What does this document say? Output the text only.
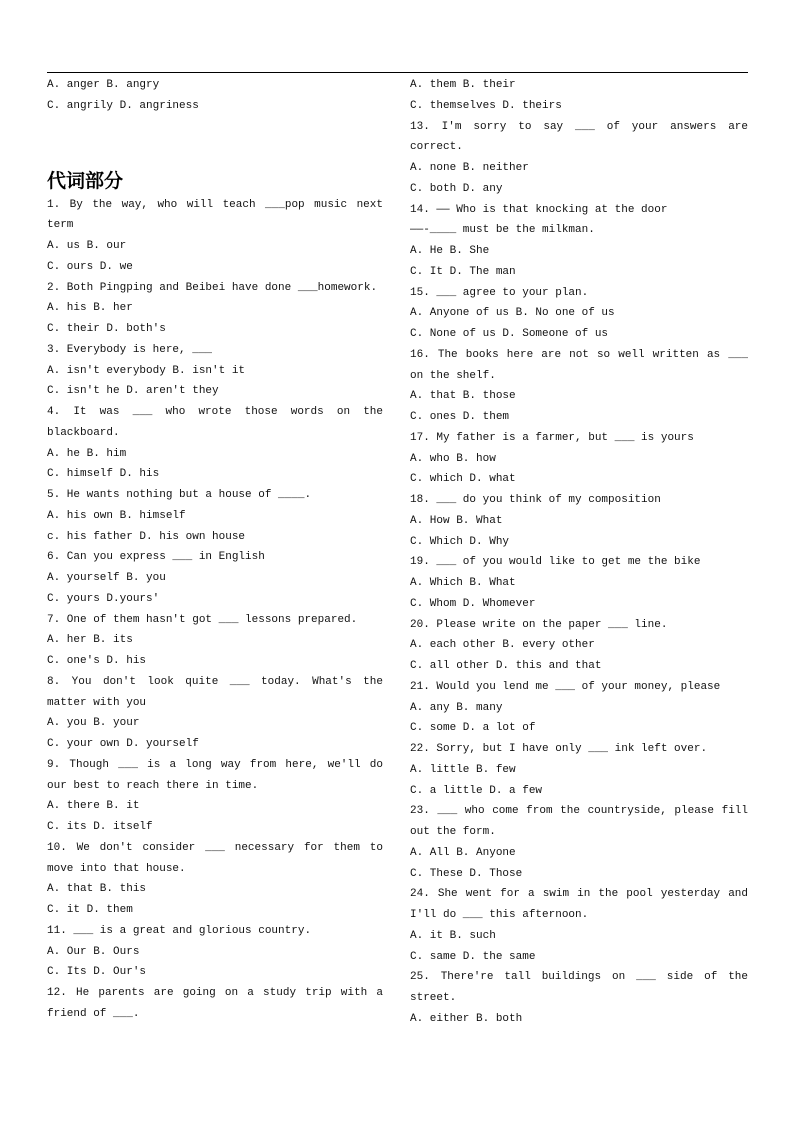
A. anger B. angry
C. angrily D. angriness
代词部分
1. By the way, who will teach ___pop music next
term
A. us B. our
C. ours D. we
2. Both Pingping and Beibei have done ___homework.
A. his B. her
C. their D. both's
3. Everybody is here, ___
A. isn't everybody B. isn't it
C. isn't he D. aren't they
4. It was ___ who wrote those words on the
blackboard.
A. he B. him
C. himself D. his
5. He wants nothing but a house of ____.
A. his own B. himself
c. his father D. his own house
6. Can you express ___ in English
A. yourself B. you
C. yours D.yours'
7. One of them hasn't got ___ lessons prepared.
A. her B. its
C. one's D. his
8. You don't look quite ___ today. What's the
matter with you
A. you B. your
C. your own D. yourself
9. Though ___ is a long way from here, we'll do
our best to reach there in time.
A. there B. it
C. its D. itself
10. We don't consider ___ necessary for them to
move into that house.
A. that B. this
C. it D. them
11. ___ is a great and glorious country.
A. Our B. Ours
C. Its D. Our's
12. He parents are going on a study trip with a
friend of ___.
A. them B. their
C. themselves D. theirs
13. I'm sorry to say ___ of your answers are
correct.
A. none B. neither
C. both D. any
14. —— Who is that knocking at the door
——-____ must be the milkman.
A. He B. She
C. It D. The man
15. ___ agree to your plan.
A. Anyone of us B. No one of us
C. None of us D. Someone of us
16. The books here are not so well written as ___
on the shelf.
A. that B. those
C. ones D. them
17. My father is a farmer, but ___ is yours
A. who B. how
C. which D. what
18. ___ do you think of my composition
A. How B. What
C. Which D. Why
19. ___ of you would like to get me the bike
A. Which B. What
C. Whom D. Whomever
20. Please write on the paper ___ line.
A. each other B. every other
C. all other D. this and that
21. Would you lend me ___ of your money, please
A. any B. many
C. some D. a lot of
22. Sorry, but I have only ___ ink left over.
A. little B. few
C. a little D. a few
23. ___ who come from the countryside, please fill
out the form.
A. All B. Anyone
C. These D. Those
24. She went for a swim in the pool yesterday and
I'll do ___ this afternoon.
A. it B. such
C. same D. the same
25. There're tall buildings on ___ side of the
street.
A. either B. both
